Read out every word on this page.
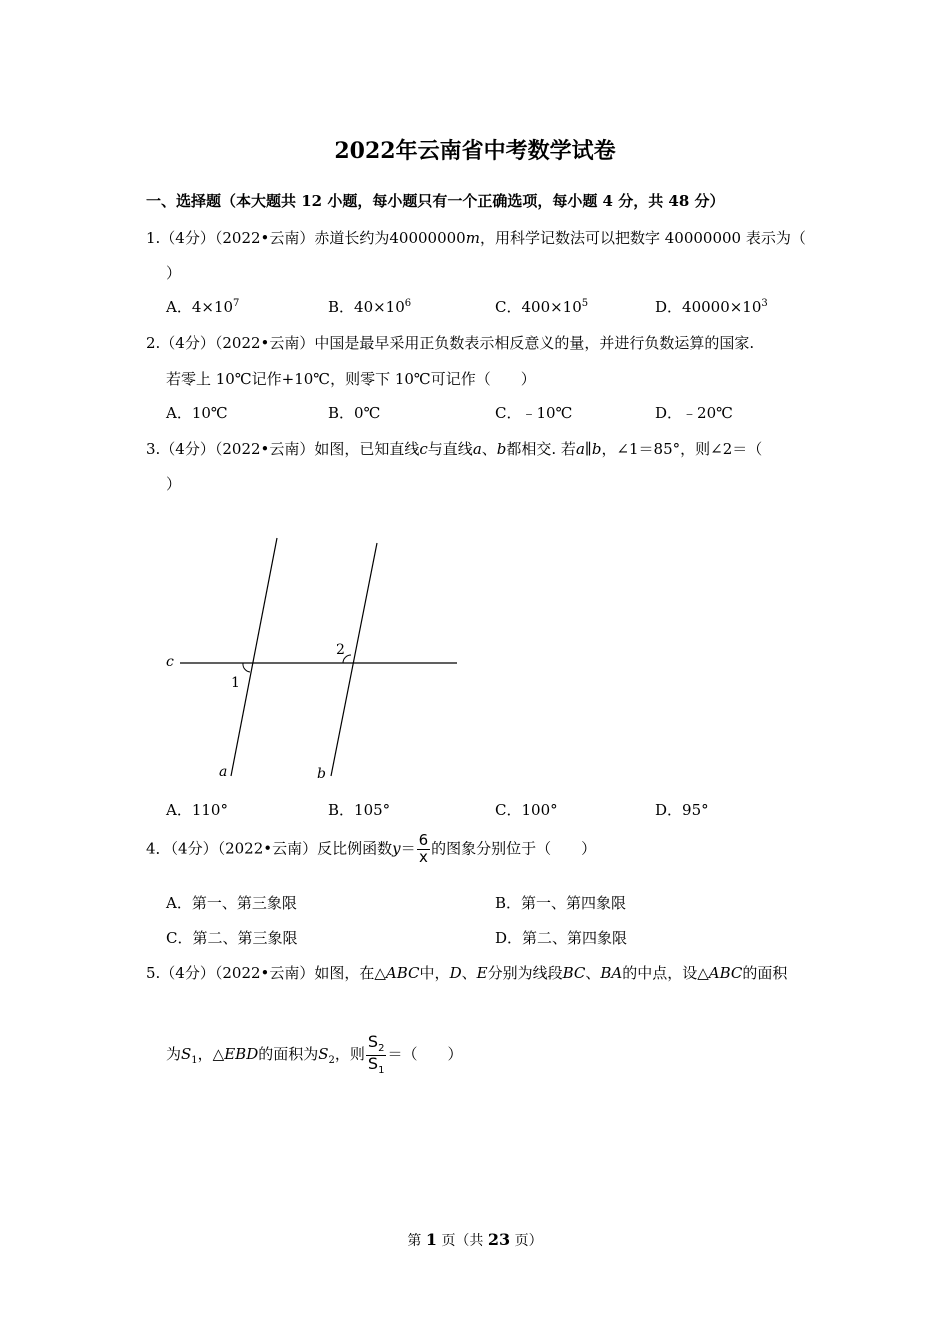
2022年云南省中考数学试卷
一、选择题（本大题共 12 小题，每小题只有一个正确选项，每小题 4 分，共 48 分）
1.（4分）（2022•云南）赤道长约为40000000m，用科学记数法可以把数字 40000000 表示为（
）
A．$4\times 10^7$	B．$40\times 10^6$	C．$400\times 10^5$	D．$40000\times 10^3$
2.（4分）（2022•云南）中国是最早采用正负数表示相反意义的量，并进行负数运算的国家.
若零上 10℃记作+10℃，则零下 10℃可记作（　　）
A．10℃	B．0℃	C．﹣10℃	D．﹣20℃
3.（4分）（2022•云南）如图，已知直线c与直线a、b都相交. 若a∥b，∠1＝85°，则∠2＝（
）
c
1
2
a	b
A．110°	B．105°	C．100°	D．95°
4．（4分）（2022•云南）反比例函数$y= \frac{6}{x}$ 的图象分别位于（　　）
A．第一、第三象限	B．第一、第四象限
C．第二、第三象限	D．第二、第四象限
5.（4分）（2022•云南）如图，在△ABC中，D、E分别为线段BC、BA的中点，设△ABC的面积
为$S_1$，△EBD的面积为$S_2$，则 $\frac{S_2}{S_1}$ ＝（　　）
第 1 页（共 23 页）
